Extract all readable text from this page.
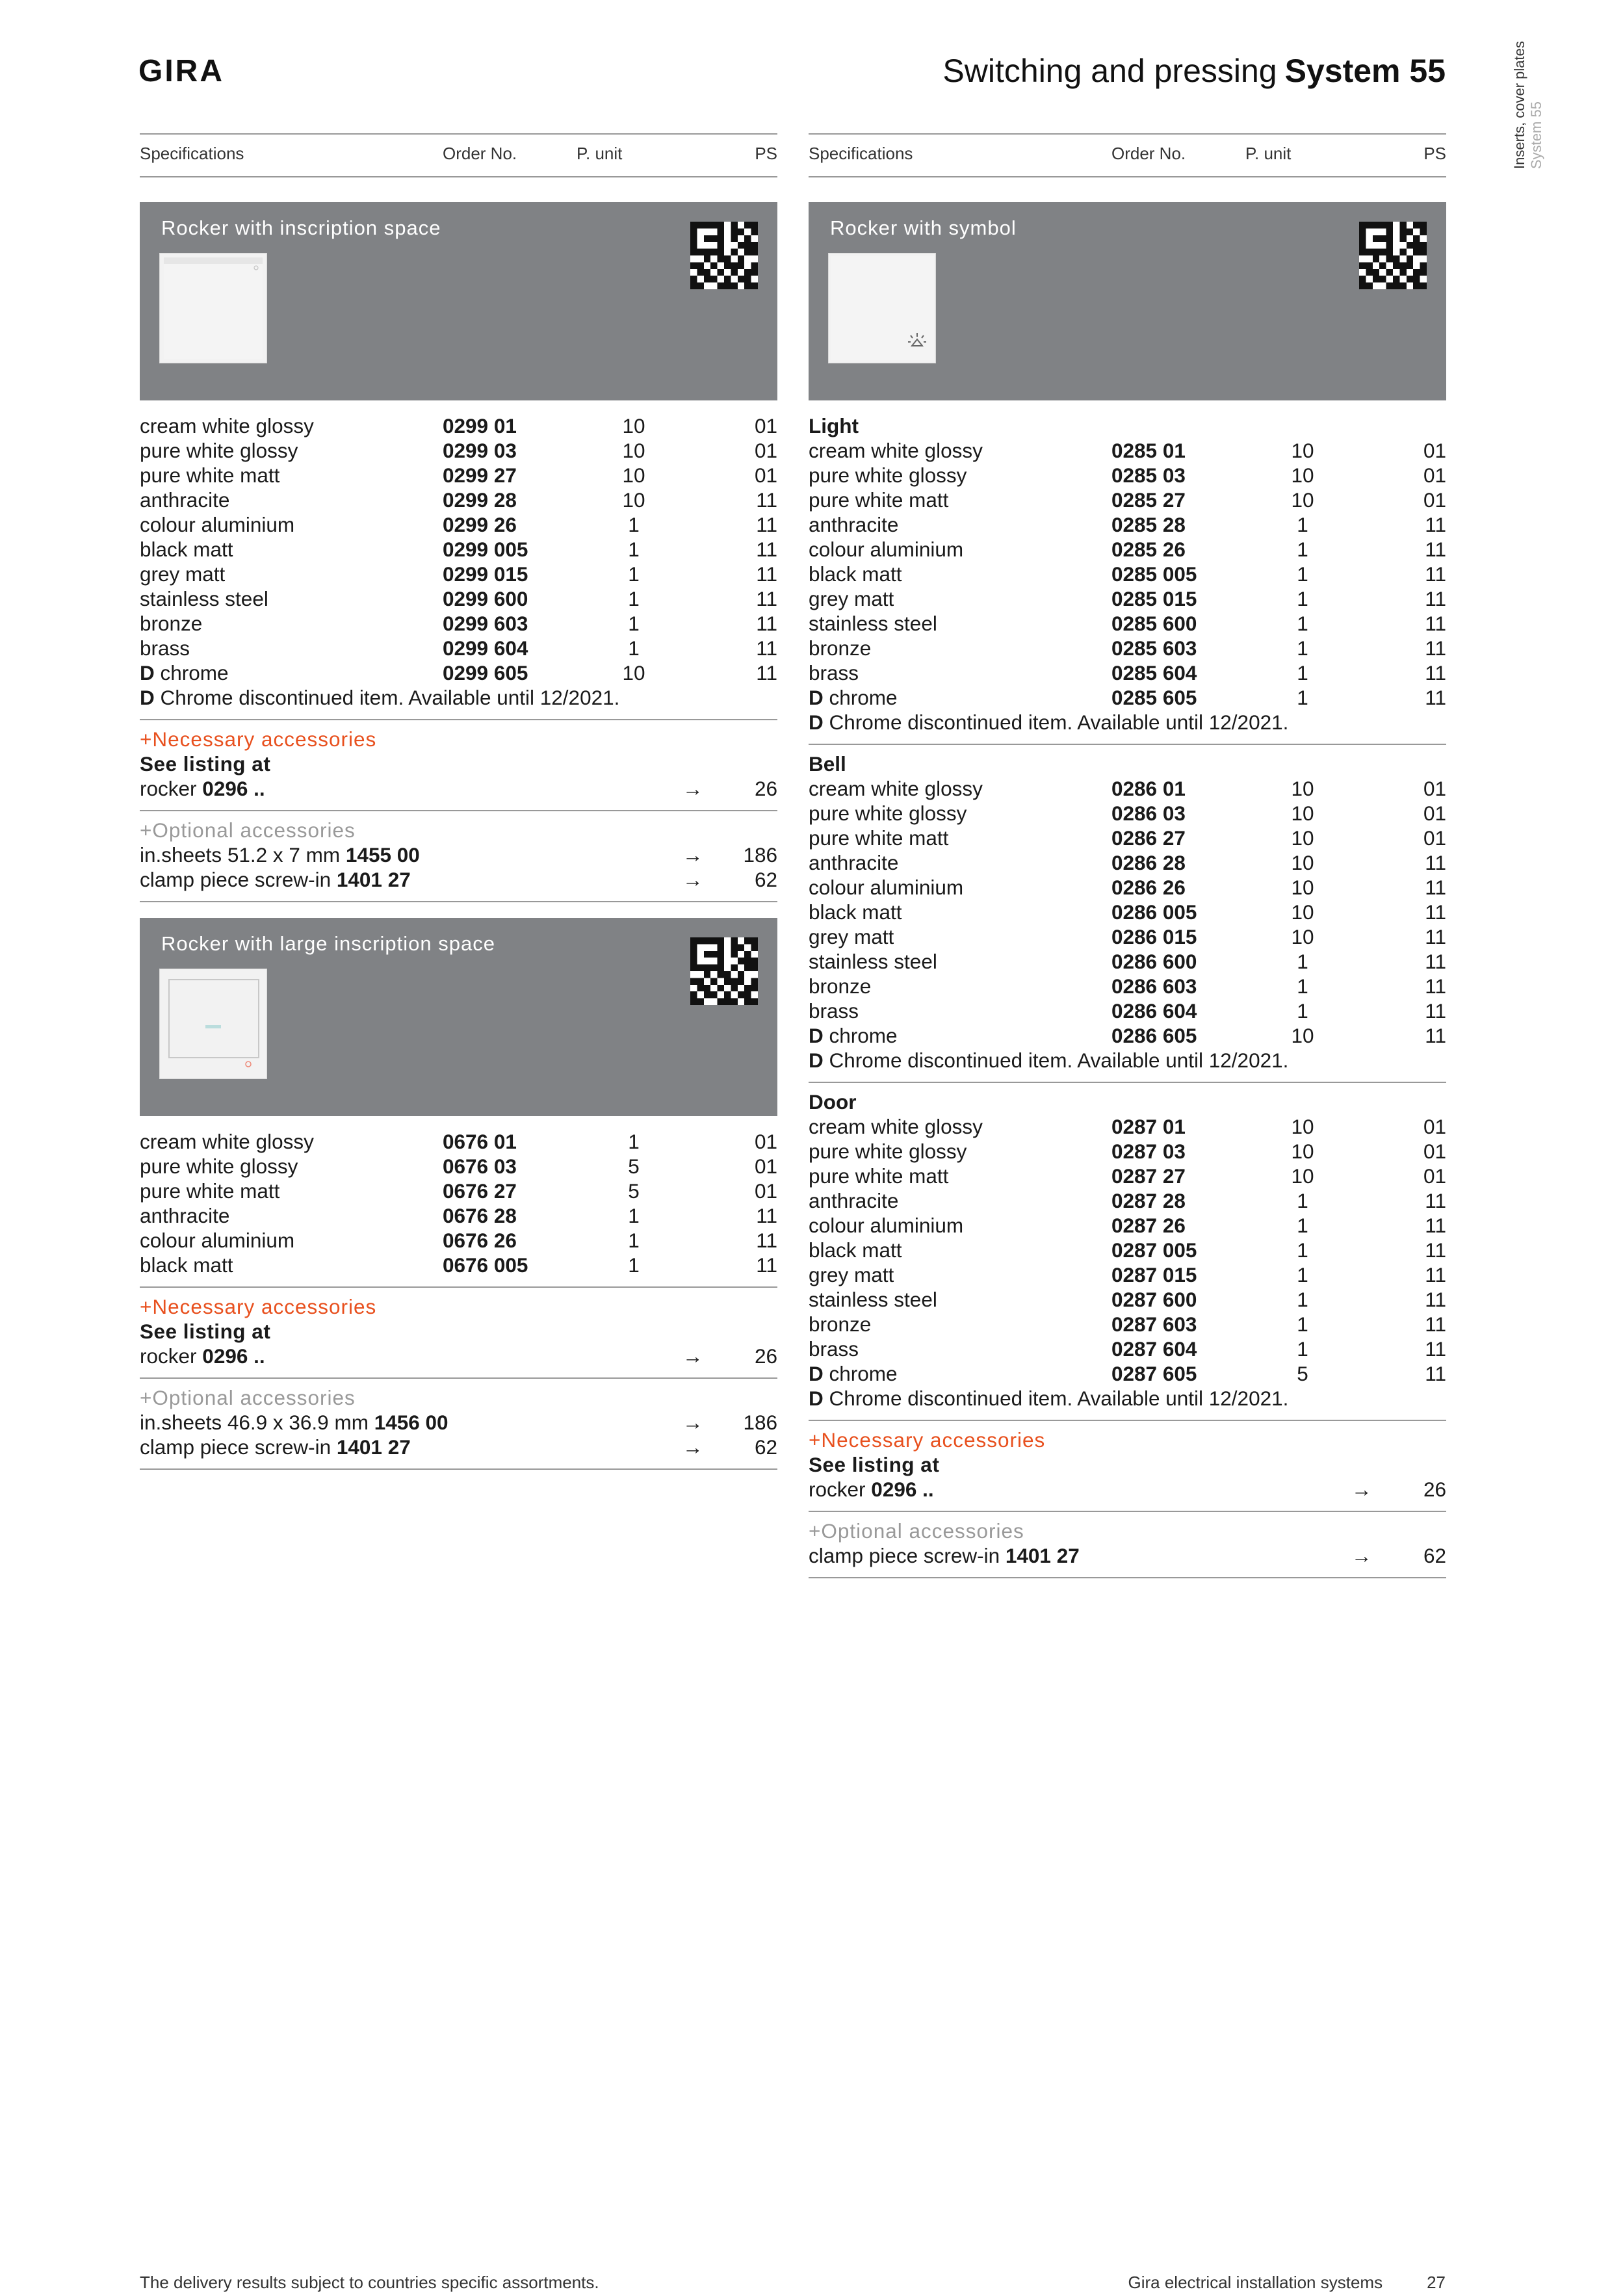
GIRA	Switching and pressing System 55	Inserts, cover plates System 55
Specifications	Order No.	P. unit	PS
Rocker with inscription space
cream white glossy	0299 01	10	01
pure white glossy	0299 03	10	01
pure white matt	0299 27	10	01
anthracite	0299 28	10	11
colour aluminium	0299 26	1	11
black matt	0299 005	1	11
grey matt	0299 015	1	11
stainless steel	0299 600	1	11
bronze	0299 603	1	11
brass	0299 604	1	11
D chrome	0299 605	10	11
D Chrome discontinued item. Available until 12/2021.
+Necessary accessories
See listing at
rocker 0296 ..	→	26
+Optional accessories
in.sheets 51.2 x 7 mm 1455 00	→ 186
clamp piece screw-in 1401 27	→	62
Rocker with large inscription space
cream white glossy	0676 01	1	01
pure white glossy	0676 03	5	01
pure white matt	0676 27	5	01
anthracite	0676 28	1	11
colour aluminium	0676 26	1	11
black matt	0676 005	1	11
+Necessary accessories
See listing at
rocker 0296 ..	→	26
+Optional accessories
in.sheets 46.9 x 36.9 mm 1456 00	→ 186
clamp piece screw-in 1401 27	→	62
Specifications	Order No.	P. unit	PS
Rocker with symbol
Light
cream white glossy	0285 01	10	01
pure white glossy	0285 03	10	01
pure white matt	0285 27	10	01
anthracite	0285 28	1	11
colour aluminium	0285 26	1	11
black matt	0285 005	1	11
grey matt	0285 015	1	11
stainless steel	0285 600	1	11
bronze	0285 603	1	11
brass	0285 604	1	11
D chrome	0285 605	1	11
D Chrome discontinued item. Available until 12/2021.
Bell
cream white glossy	0286 01	10	01
pure white glossy	0286 03	10	01
pure white matt	0286 27	10	01
anthracite	0286 28	10	11
colour aluminium	0286 26	10	11
black matt	0286 005	10	11
grey matt	0286 015	10	11
stainless steel	0286 600	1	11
bronze	0286 603	1	11
brass	0286 604	1	11
D chrome	0286 605	10	11
D Chrome discontinued item. Available until 12/2021.
Door
cream white glossy	0287 01	10	01
pure white glossy	0287 03	10	01
pure white matt	0287 27	10	01
anthracite	0287 28	1	11
colour aluminium	0287 26	1	11
black matt	0287 005	1	11
grey matt	0287 015	1	11
stainless steel	0287 600	1	11
bronze	0287 603	1	11
brass	0287 604	1	11
D chrome	0287 605	5	11
D Chrome discontinued item. Available until 12/2021.
+Necessary accessories
See listing at
rocker 0296 ..	→	26
+Optional accessories
clamp piece screw-in 1401 27	→	62
The delivery results subject to countries specific assortments.	Gira electrical installation systems	27
